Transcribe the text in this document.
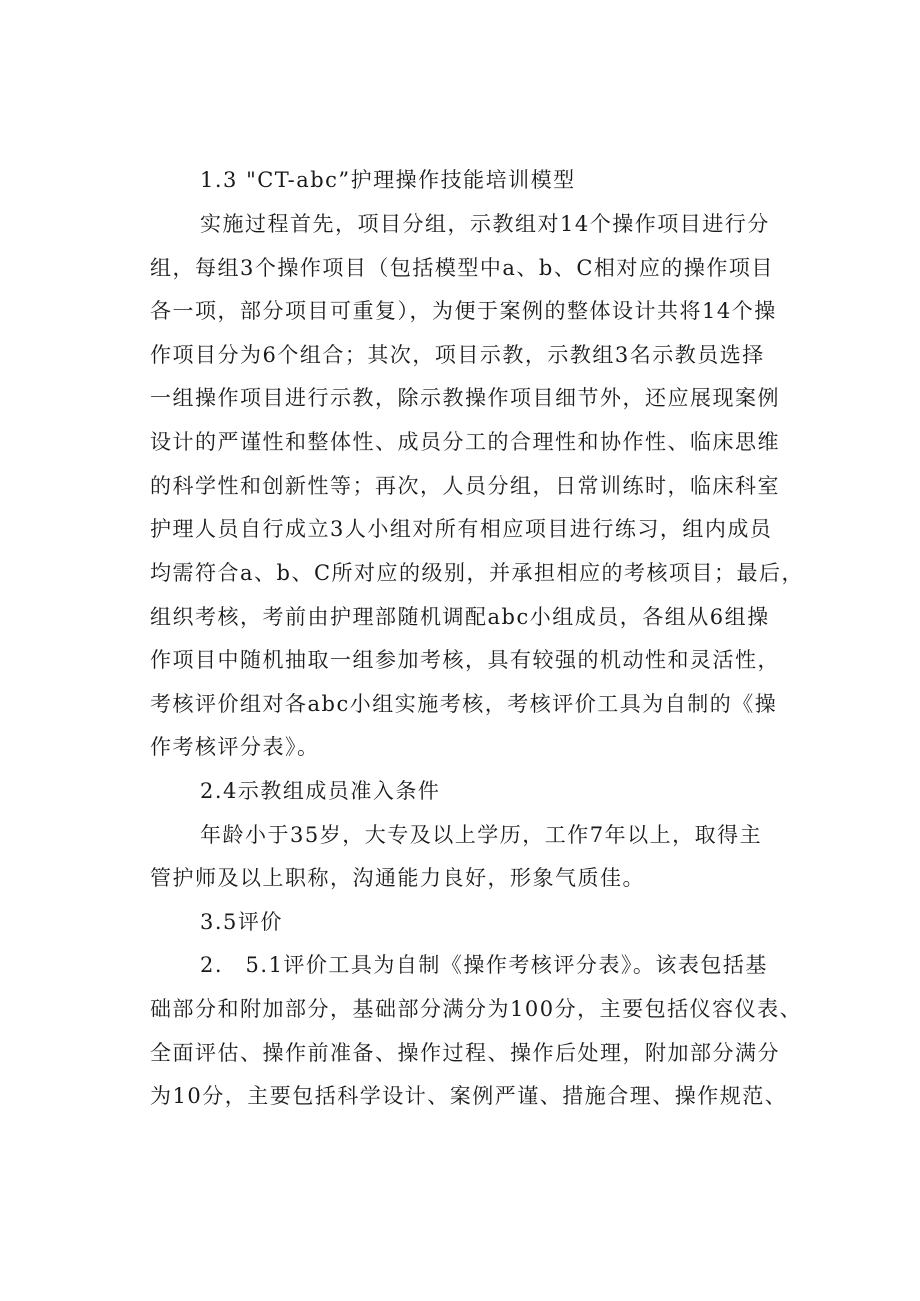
1.3 "CT-abc”护理操作技能培训模型
实施过程首先，项目分组，示教组对14个操作项目进行分
组，每组3个操作项目（包括模型中a、b、C相对应的操作项目
各一项，部分项目可重复），为便于案例的整体设计共将14个操
作项目分为6个组合；其次，项目示教，示教组3名示教员选择
一组操作项目进行示教，除示教操作项目细节外，还应展现案例
设计的严谨性和整体性、成员分工的合理性和协作性、临床思维
的科学性和创新性等；再次，人员分组，日常训练时，临床科室
护理人员自行成立3人小组对所有相应项目进行练习，组内成员
均需符合a、b、C所对应的级别，并承担相应的考核项目；最后，
组织考核，考前由护理部随机调配abc小组成员，各组从6组操
作项目中随机抽取一组参加考核，具有较强的机动性和灵活性，
考核评价组对各abc小组实施考核，考核评价工具为自制的《操
作考核评分表》。
2.4示教组成员准入条件
年龄小于35岁，大专及以上学历，工作7年以上，取得主
管护师及以上职称，沟通能力良好，形象气质佳。
3.5评价
2.　5.1评价工具为自制《操作考核评分表》。该表包括基
础部分和附加部分，基础部分满分为100分，主要包括仪容仪表、
全面评估、操作前准备、操作过程、操作后处理，附加部分满分
为10分，主要包括科学设计、案例严谨、措施合理、操作规范、
